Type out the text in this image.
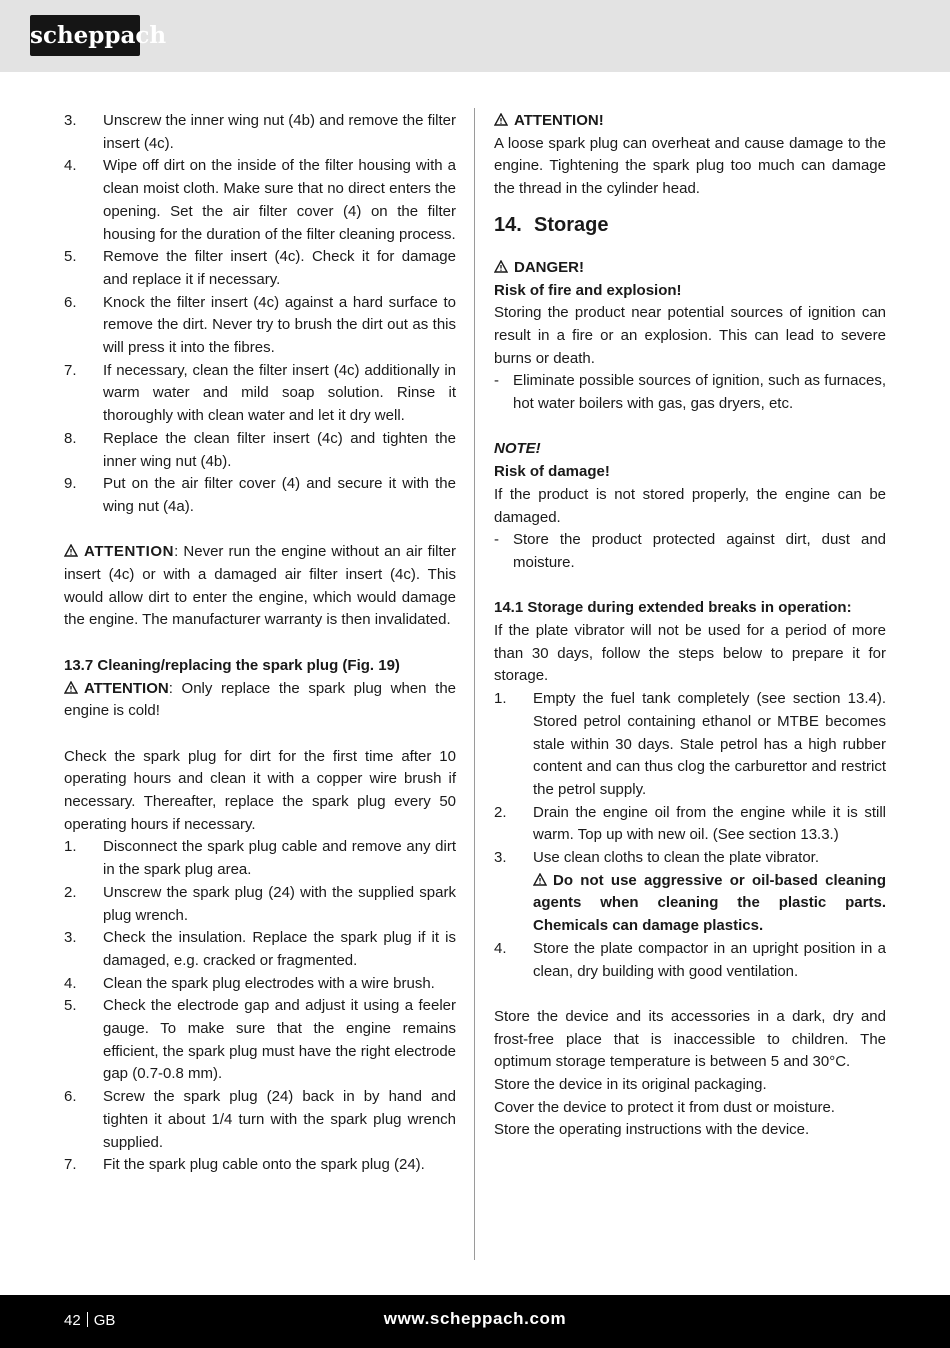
scheppach
3. Unscrew the inner wing nut (4b) and remove the filter insert (4c).
4. Wipe off dirt on the inside of the filter housing with a clean moist cloth. Make sure that no direct enters the opening. Set the air filter cover (4) on the filter housing for the duration of the filter cleaning process.
5. Remove the filter insert (4c). Check it for damage and replace it if necessary.
6. Knock the filter insert (4c) against a hard surface to remove the dirt. Never try to brush the dirt out as this will press it into the fibres.
7. If necessary, clean the filter insert (4c) additionally in warm water and mild soap solution. Rinse it thoroughly with clean water and let it dry well.
8. Replace the clean filter insert (4c) and tighten the inner wing nut (4b).
9. Put on the air filter cover (4) and secure it with the wing nut (4a).

ATTENTION: Never run the engine without an air filter insert (4c) or with a damaged air filter insert (4c). This would allow dirt to enter the engine, which would damage the engine. The manufacturer warranty is then invalidated.

13.7 Cleaning/replacing the spark plug (Fig. 19)

ATTENTION: Only replace the spark plug when the engine is cold!

Check the spark plug for dirt for the first time after 10 operating hours and clean it with a copper wire brush if necessary. Thereafter, replace the spark plug every 50 operating hours if necessary.

1. Disconnect the spark plug cable and remove any dirt in the spark plug area.
2. Unscrew the spark plug (24) with the supplied spark plug wrench.
3. Check the insulation. Replace the spark plug if it is damaged, e.g. cracked or fragmented.
4. Clean the spark plug electrodes with a wire brush.
5. Check the electrode gap and adjust it using a feeler gauge. To make sure that the engine remains efficient, the spark plug must have the right electrode gap (0.7-0.8 mm).
6. Screw the spark plug (24) back in by hand and tighten it about 1/4 turn with the spark plug wrench supplied.
7. Fit the spark plug cable onto the spark plug (24).

ATTENTION!

A loose spark plug can overheat and cause damage to the engine. Tightening the spark plug too much can damage the thread in the cylinder head.

14. Storage

DANGER!

Risk of fire and explosion!

Storing the product near potential sources of ignition can result in a fire or an explosion. This can lead to severe burns or death.

- Eliminate possible sources of ignition, such as furnaces, hot water boilers with gas, gas dryers, etc.

NOTE!

Risk of damage!

If the product is not stored properly, the engine can be damaged.

- Store the product protected against dirt, dust and moisture.

14.1 Storage during extended breaks in operation:

If the plate vibrator will not be used for a period of more than 30 days, follow the steps below to prepare it for storage.

1. Empty the fuel tank completely (see section 13.4). Stored petrol containing ethanol or MTBE becomes stale within 30 days. Stale petrol has a high rubber content and can thus clog the carburettor and restrict the petrol supply.
2. Drain the engine oil from the engine while it is still warm. Top up with new oil. (See section 13.3.)
3. Use clean cloths to clean the plate vibrator.
Do not use aggressive or oil-based cleaning agents when cleaning the plastic parts. Chemicals can damage plastics.
4. Store the plate compactor in an upright position in a clean, dry building with good ventilation.

Store the device and its accessories in a dark, dry and frost-free place that is inaccessible to children. The optimum storage temperature is between 5 and 30°C.

Store the device in its original packaging.

Cover the device to protect it from dust or moisture.

Store the operating instructions with the device.

42 GB	www.scheppach.com
